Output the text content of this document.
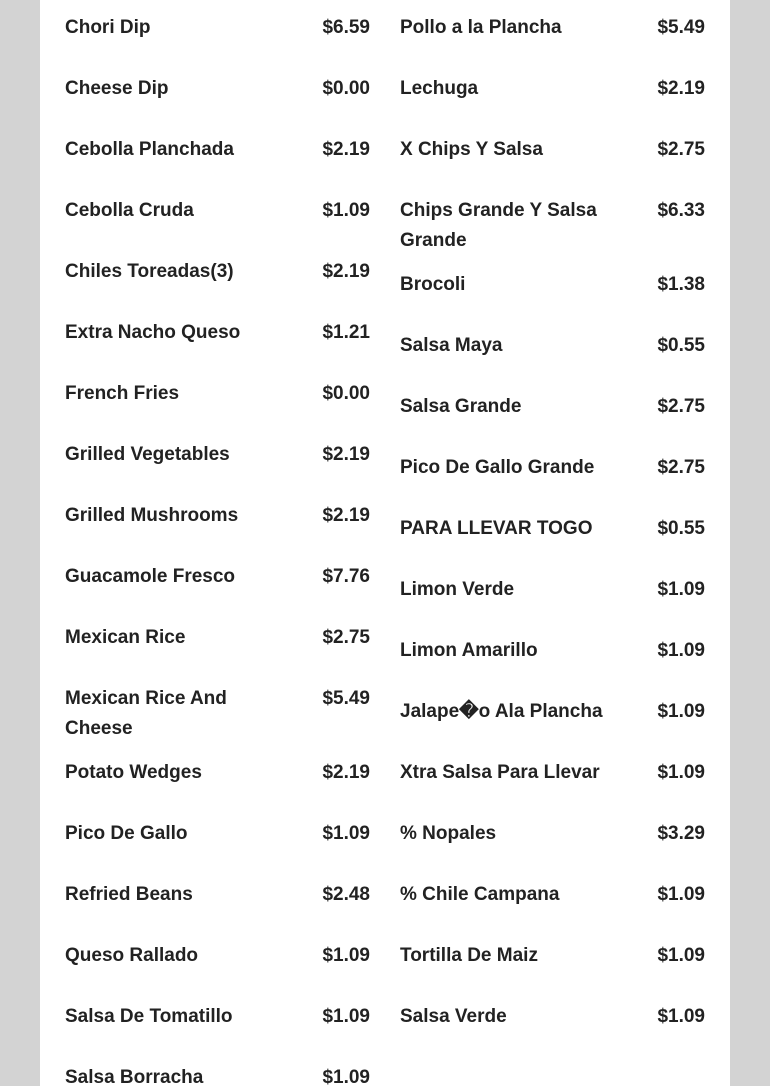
Chori Dip	$6.59
Cheese Dip	$0.00
Cebolla Planchada	$2.19
Cebolla Cruda	$1.09
Chiles Toreadas(3)	$2.19
Extra Nacho Queso	$1.21
French Fries	$0.00
Grilled Vegetables	$2.19
Grilled Mushrooms	$2.19
Guacamole Fresco	$7.76
Mexican Rice	$2.75
Mexican Rice And Cheese
$5.49
Potato Wedges	$2.19
Pico De Gallo	$1.09
Refried Beans	$2.48
Queso Rallado	$1.09
Salsa De Tomatillo	$1.09
Salsa Borracha	$1.09
Pollo a la Plancha	$5.49
Lechuga	$2.19
X Chips Y Salsa	$2.75
Chips Grande Y Salsa Grande
$6.33
Brocoli	$1.38
Salsa Maya	$0.55
Salsa Grande	$2.75
Pico De Gallo Grande	$2.75
PARA LLEVAR TOGO	$0.55
Limon Verde	$1.09
Limon Amarillo	$1.09
Jalape�o Ala Plancha	$1.09
Xtra Salsa Para Llevar	$1.09
% Nopales	$3.29
% Chile Campana	$1.09
Tortilla De Maiz	$1.09
Salsa Verde	$1.09
